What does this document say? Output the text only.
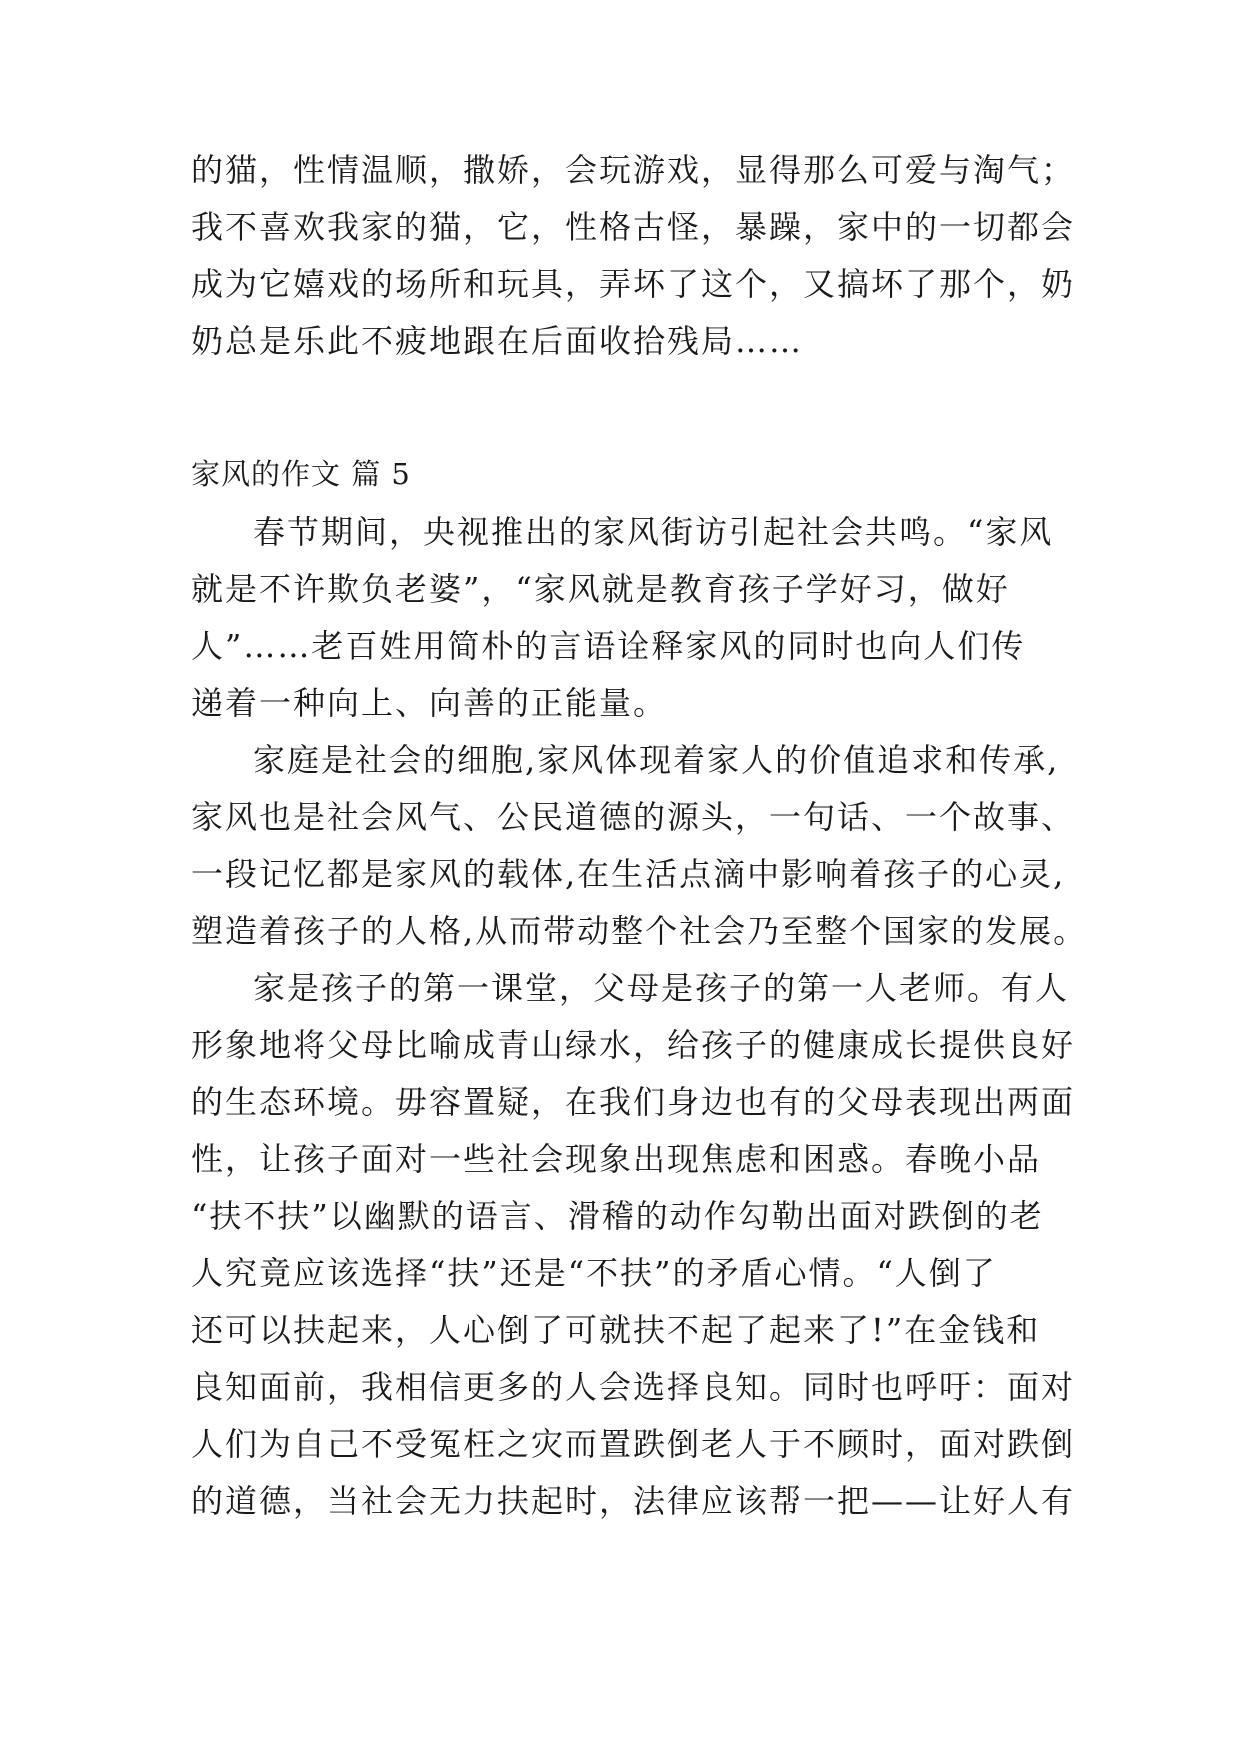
的猫，性情温顺，撒娇，会玩游戏，显得那么可爱与淘气；
我不喜欢我家的猫，它，性格古怪，暴躁，家中的一切都会
成为它嬉戏的场所和玩具，弄坏了这个，又搞坏了那个，奶
奶总是乐此不疲地跟在后面收拾残局……
家风的作文 篇 5
春节期间，央视推出的家风街访引起社会共鸣。“家风
就是不许欺负老婆”，“家风就是教育孩子学好习，做好
人”……老百姓用简朴的言语诠释家风的同时也向人们传
递着一种向上、向善的正能量。
家庭是社会的细胞,家风体现着家人的价值追求和传承,
家风也是社会风气、公民道德的源头，一句话、一个故事、
一段记忆都是家风的载体,在生活点滴中影响着孩子的心灵,
塑造着孩子的人格,从而带动整个社会乃至整个国家的发展。
家是孩子的第一课堂，父母是孩子的第一人老师。有人
形象地将父母比喻成青山绿水，给孩子的健康成长提供良好
的生态环境。毋容置疑，在我们身边也有的父母表现出两面
性，让孩子面对一些社会现象出现焦虑和困惑。春晚小品
“扶不扶”以幽默的语言、滑稽的动作勾勒出面对跌倒的老
人究竟应该选择“扶”还是“不扶”的矛盾心情。“人倒了
还可以扶起来，人心倒了可就扶不起了起来了!”在金钱和
良知面前，我相信更多的人会选择良知。同时也呼吁：面对
人们为自己不受冤枉之灾而置跌倒老人于不顾时，面对跌倒
的道德，当社会无力扶起时，法律应该帮一把——让好人有
